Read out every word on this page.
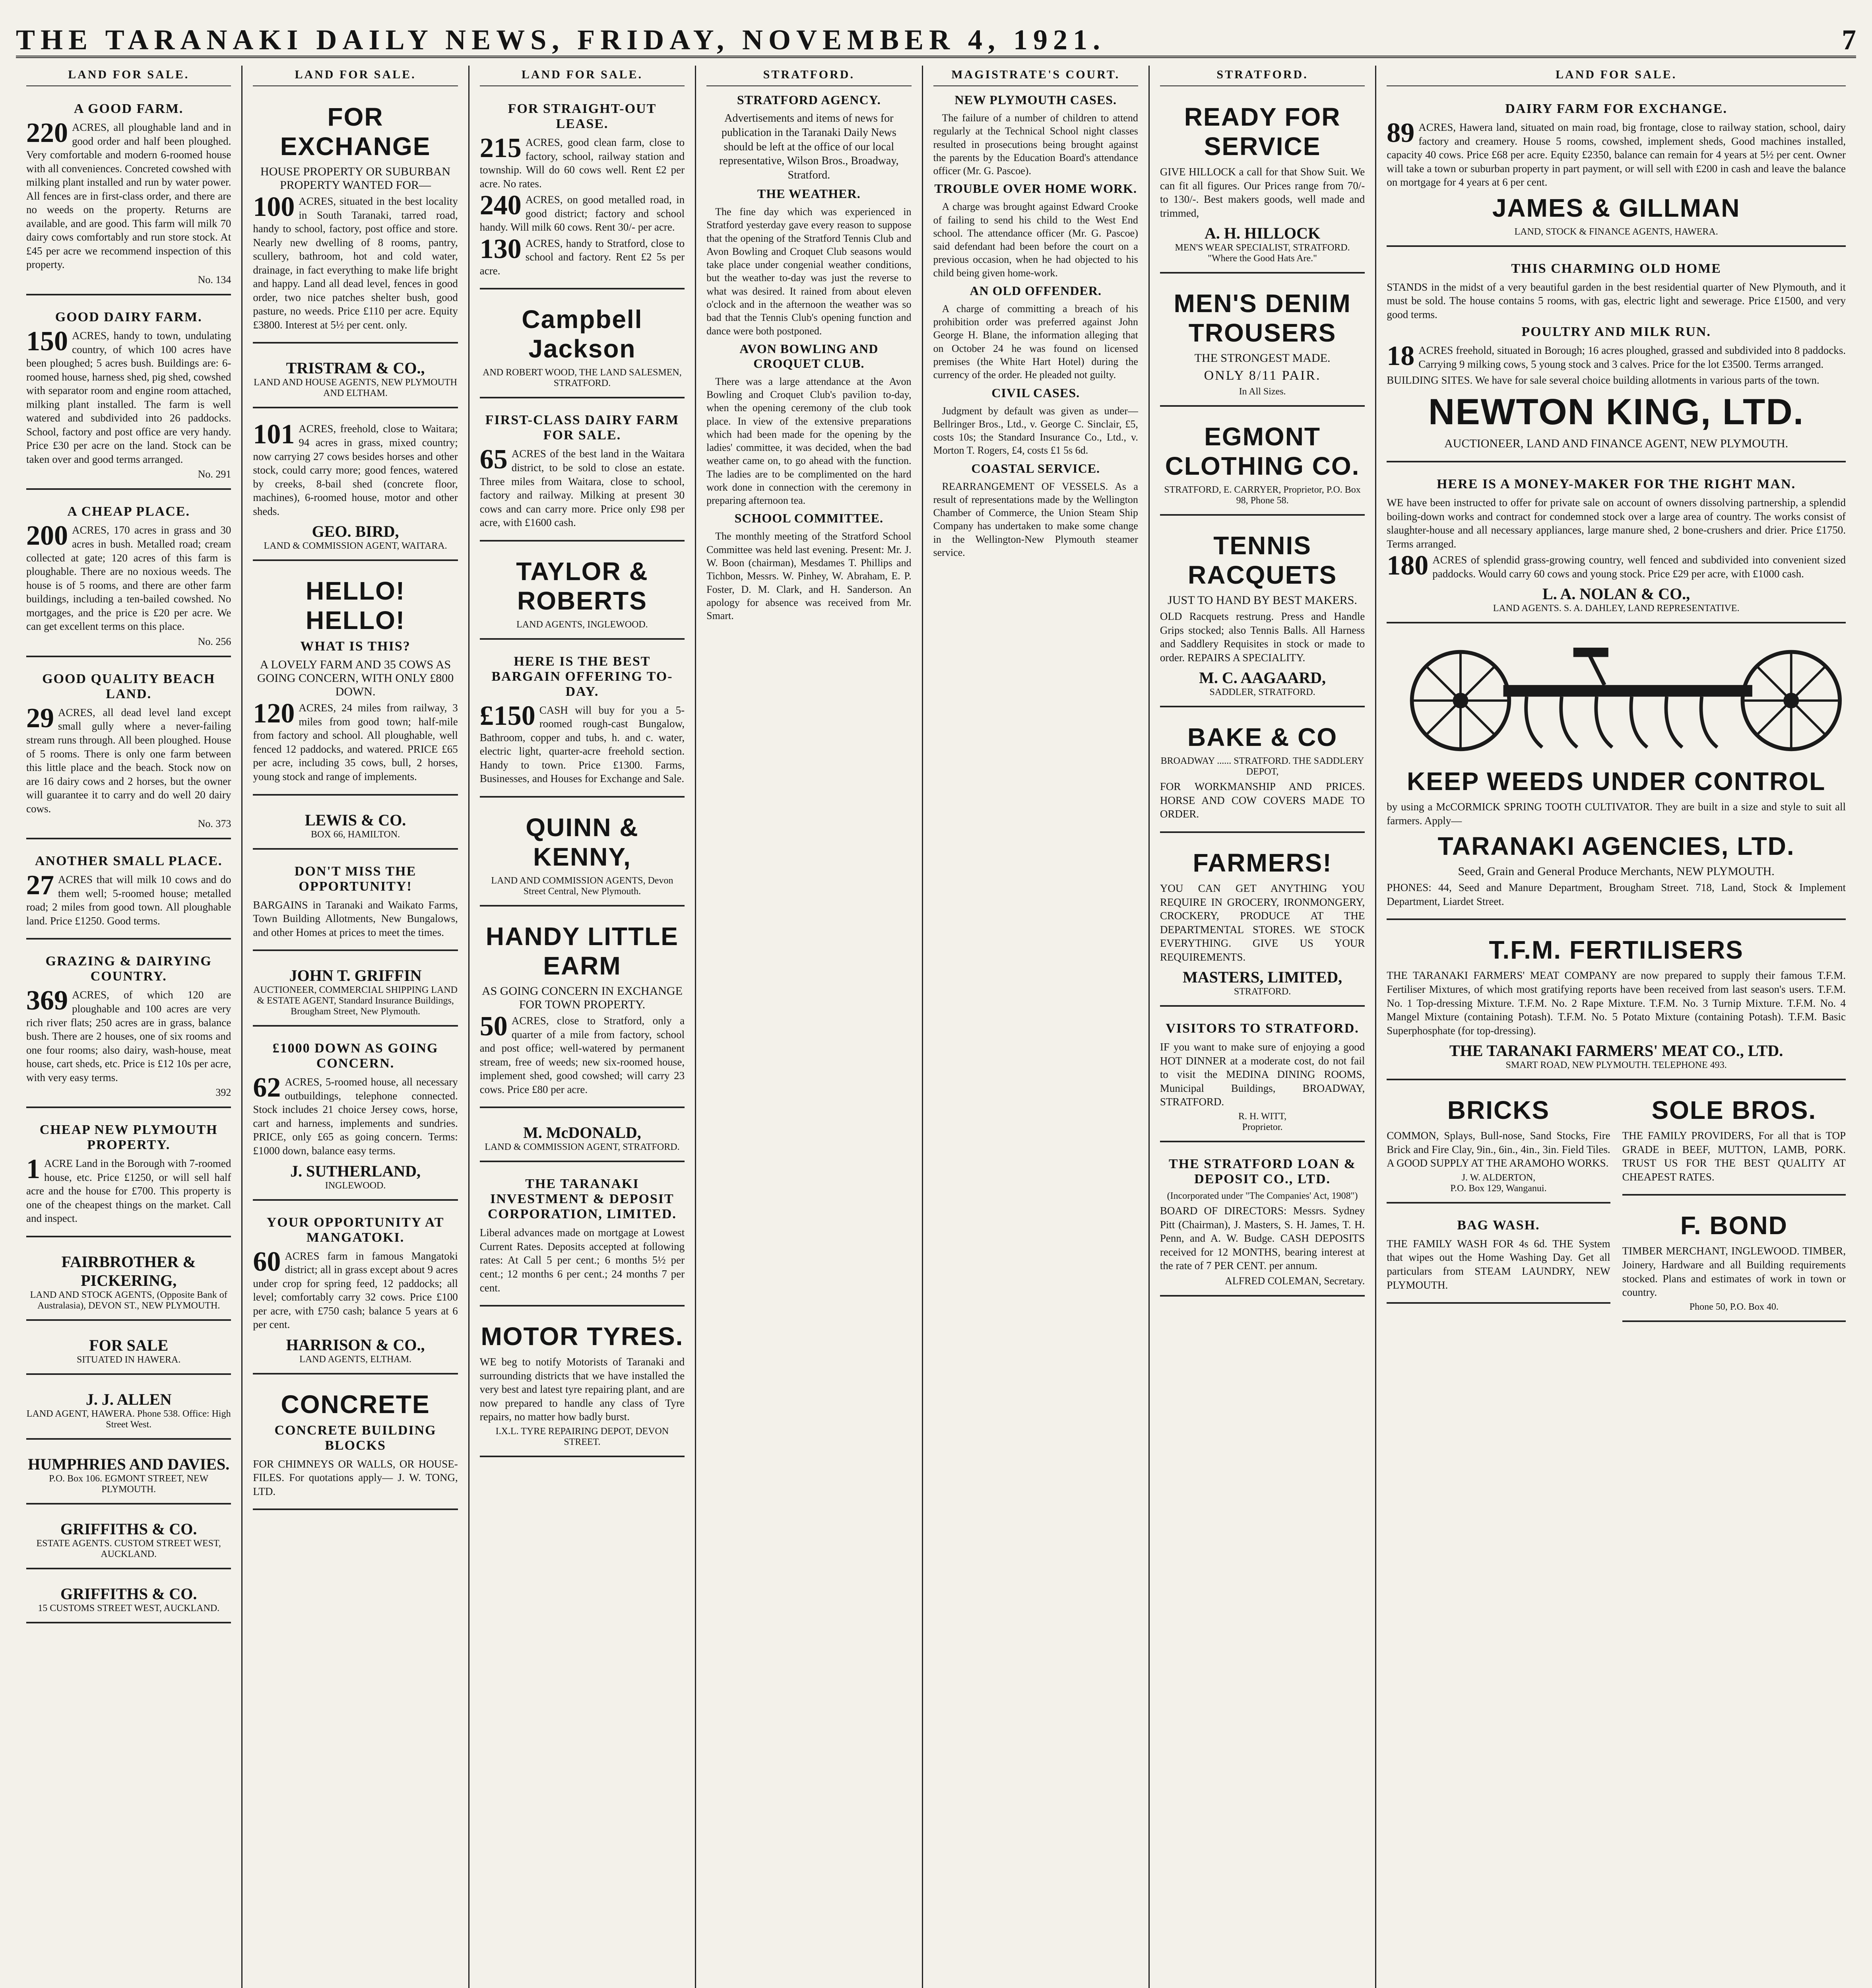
THE TARANAKI DAILY NEWS, FRIDAY, NOVEMBER 4, 1921.	7
LAND FOR SALE.
A GOOD FARM.

220 ACRES, all ploughable land and in good order and half been ploughed. Very comfortable and modern 6-roomed house with all conveniences. Concreted cowshed with milking plant installed and run by water power. All fences are in first-class order, and there are no weeds on the property. Returns are available, and are good. This farm will milk 70 dairy cows comfortably and run store stock. At £45 per acre we recommend inspection of this property.

No. 134
GOOD DAIRY FARM.

150 ACRES, handy to town, undulating country, of which 100 acres have been ploughed; 5 acres bush. Buildings are: 6-roomed house, harness shed, pig shed, cowshed with separator room and engine room attached, milking plant installed. The farm is well watered and subdivided into 26 paddocks. School, factory and post office are very handy. Price £30 per acre on the land. Stock can be taken over and good terms arranged.

No. 291
A CHEAP PLACE.

200 ACRES, 170 acres in grass and 30 acres in bush. Metalled road; cream collected at gate; 120 acres of this farm is ploughable. There are no noxious weeds. The house is of 5 rooms, and there are other farm buildings, including a ten-bailed cowshed. No mortgages, and the price is £20 per acre. We can get excellent terms on this place.

No. 256
GOOD QUALITY BEACH LAND.

29 ACRES, all dead level land except small gully where a never-failing stream runs through. All been ploughed. House of 5 rooms. There is only one farm between this little place and the beach. Stock now on are 16 dairy cows and 2 horses, but the owner will guarantee it to carry and do well 20 dairy cows.

No. 373
ANOTHER SMALL PLACE.

27 ACRES that will milk 10 cows and do them well; 5-roomed house; metalled road; 2 miles from good town. All ploughable land. Price £1250. Good terms.

GRAZING & DAIRYING COUNTRY.

369 ACRES, of which 120 are ploughable and 100 acres are very rich river flats; 250 acres are in grass, balance bush. There are 2 houses, one of six rooms and one four rooms; also dairy, wash-house, meat house, cart sheds, etc. Price is £12 10s per acre, with very easy terms.

392
CHEAP NEW PLYMOUTH PROPERTY.

1 ACRE Land in the Borough with 7-roomed house, etc. Price £1250, or will sell half acre and the house for £700. This property is one of the cheapest things on the market. Call and inspect.

FAIRBROTHER & PICKERING,
LAND AND STOCK AGENTS, (Opposite Bank of Australasia), DEVON ST., NEW PLYMOUTH.
FOR SALE
SITUATED IN HAWERA.
J. J. ALLEN
LAND AGENT, HAWERA. Phone 538. Office: High Street West.
HUMPHRIES AND DAVIES.
P.O. Box 106. EGMONT STREET, NEW PLYMOUTH.
GRIFFITHS & CO.
ESTATE AGENTS. CUSTOM STREET WEST, AUCKLAND.
GRIFFITHS & CO.
15 CUSTOMS STREET WEST, AUCKLAND.
LAND FOR SALE.
FOR EXCHANGE
HOUSE PROPERTY OR SUBURBAN PROPERTY WANTED FOR—

100 ACRES, situated in the best locality in South Taranaki, tarred road, handy to school, factory, post office and store. Nearly new dwelling of 8 rooms, pantry, scullery, bathroom, hot and cold water, drainage, in fact everything to make life bright and happy. Land all dead level, fences in good order, two nice patches shelter bush, good pasture, no weeds. Price £110 per acre. Equity £3800. Interest at 5½ per cent. only.

TRISTRAM & CO.,
LAND AND HOUSE AGENTS, NEW PLYMOUTH AND ELTHAM.

101 ACRES, freehold, close to Waitara; 94 acres in grass, mixed country; now carrying 27 cows besides horses and other stock, could carry more; good fences, watered by creeks, 8-bail shed (concrete floor, machines), 6-roomed house, motor and other sheds.

GEO. BIRD,
LAND & COMMISSION AGENT, WAITARA.
HELLO! HELLO!
WHAT IS THIS?
A LOVELY FARM AND 35 COWS AS GOING CONCERN, WITH ONLY £800 DOWN.

120 ACRES, 24 miles from railway, 3 miles from good town; half-mile from factory and school. All ploughable, well fenced 12 paddocks, and watered. PRICE £65 per acre, including 35 cows, bull, 2 horses, young stock and range of implements.

LEWIS & CO.
BOX 66, HAMILTON.
DON'T MISS THE OPPORTUNITY!

BARGAINS in Taranaki and Waikato Farms, Town Building Allotments, New Bungalows, and other Homes at prices to meet the times.

JOHN T. GRIFFIN
AUCTIONEER, COMMERCIAL SHIPPING LAND & ESTATE AGENT, Standard Insurance Buildings, Brougham Street, New Plymouth.
£1000 DOWN AS GOING CONCERN.

62 ACRES, 5-roomed house, all necessary outbuildings, telephone connected. Stock includes 21 choice Jersey cows, horse, cart and harness, implements and sundries. PRICE, only £65 as going concern. Terms: £1000 down, balance easy terms.

J. SUTHERLAND,
INGLEWOOD.
YOUR OPPORTUNITY AT MANGATOKI.

60 ACRES farm in famous Mangatoki district; all in grass except about 9 acres under crop for spring feed, 12 paddocks; all level; comfortably carry 32 cows. Price £100 per acre, with £750 cash; balance 5 years at 6 per cent.

HARRISON & CO.,
LAND AGENTS, ELTHAM.
CONCRETE
CONCRETE BUILDING BLOCKS

FOR CHIMNEYS OR WALLS, OR HOUSE-FILES. For quotations apply— J. W. TONG, LTD.

LAND FOR SALE.
FOR STRAIGHT-OUT LEASE.

215 ACRES, good clean farm, close to factory, school, railway station and township. Will do 60 cows well. Rent £2 per acre. No rates.

240 ACRES, on good metalled road, in good district; factory and school handy. Will milk 60 cows. Rent 30/- per acre.

130 ACRES, handy to Stratford, close to school and factory. Rent £2 5s per acre.

Campbell Jackson
AND ROBERT WOOD, THE LAND SALESMEN, STRATFORD.
FIRST-CLASS DAIRY FARM FOR SALE.

65 ACRES of the best land in the Waitara district, to be sold to close an estate. Three miles from Waitara, close to school, factory and railway. Milking at present 30 cows and can carry more. Price only £98 per acre, with £1600 cash.

TAYLOR & ROBERTS
LAND AGENTS, INGLEWOOD.
HERE IS THE BEST BARGAIN OFFERING TO-DAY.

£150 CASH will buy for you a 5-roomed rough-cast Bungalow, Bathroom, copper and tubs, h. and c. water, electric light, quarter-acre freehold section. Handy to town. Price £1300. Farms, Businesses, and Houses for Exchange and Sale.

QUINN & KENNY,
LAND AND COMMISSION AGENTS, Devon Street Central, New Plymouth.
HANDY LITTLE EARM
AS GOING CONCERN IN EXCHANGE FOR TOWN PROPERTY.

50 ACRES, close to Stratford, only a quarter of a mile from factory, school and post office; well-watered by permanent stream, free of weeds; new six-roomed house, implement shed, good cowshed; will carry 23 cows. Price £80 per acre.

M. McDONALD,
LAND & COMMISSION AGENT, STRATFORD.
THE TARANAKI INVESTMENT & DEPOSIT CORPORATION, LIMITED.

Liberal advances made on mortgage at Lowest Current Rates. Deposits accepted at following rates: At Call 5 per cent.; 6 months 5½ per cent.; 12 months 6 per cent.; 24 months 7 per cent.

MOTOR TYRES.

WE beg to notify Motorists of Taranaki and surrounding districts that we have installed the very best and latest tyre repairing plant, and are now prepared to handle any class of Tyre repairs, no matter how badly burst.

I.X.L. TYRE REPAIRING DEPOT, DEVON STREET.
STRATFORD.
STRATFORD AGENCY.

Advertisements and items of news for publication in the Taranaki Daily News should be left at the office of our local representative, Wilson Bros., Broadway, Stratford.

THE WEATHER.

The fine day which was experienced in Stratford yesterday gave every reason to suppose that the opening of the Stratford Tennis Club and Avon Bowling and Croquet Club seasons would take place under congenial weather conditions, but the weather to-day was just the reverse to what was desired. It rained from about eleven o'clock and in the afternoon the weather was so bad that the Tennis Club's opening function and dance were both postponed.

AVON BOWLING AND CROQUET CLUB.

There was a large attendance at the Avon Bowling and Croquet Club's pavilion to-day, when the opening ceremony of the club took place. In view of the extensive preparations which had been made for the opening by the ladies' committee, it was decided, when the bad weather came on, to go ahead with the function. The ladies are to be complimented on the hard work done in connection with the ceremony in preparing afternoon tea.

SCHOOL COMMITTEE.

The monthly meeting of the Stratford School Committee was held last evening. Present: Mr. J. W. Boon (chairman), Mesdames T. Phillips and Tichbon, Messrs. W. Pinhey, W. Abraham, E. P. Foster, D. M. Clark, and H. Sanderson. An apology for absence was received from Mr. Smart.

MAGISTRATE'S COURT.
NEW PLYMOUTH CASES.

The failure of a number of children to attend regularly at the Technical School night classes resulted in prosecutions being brought against the parents by the Education Board's attendance officer (Mr. G. Pascoe).

TROUBLE OVER HOME WORK.

A charge was brought against Edward Crooke of failing to send his child to the West End school. The attendance officer (Mr. G. Pascoe) said defendant had been before the court on a previous occasion, when he had objected to his child being given home-work.

AN OLD OFFENDER.

A charge of committing a breach of his prohibition order was preferred against John George H. Blane, the information alleging that on October 24 he was found on licensed premises (the White Hart Hotel) during the currency of the order. He pleaded not guilty.

CIVIL CASES.

Judgment by default was given as under— Bellringer Bros., Ltd., v. George C. Sinclair, £5, costs 10s; the Standard Insurance Co., Ltd., v. Morton T. Rogers, £4, costs £1 5s 6d.

COASTAL SERVICE.

REARRANGEMENT OF VESSELS. As a result of representations made by the Wellington Chamber of Commerce, the Union Steam Ship Company has undertaken to make some change in the Wellington-New Plymouth steamer service.

STRATFORD.
READY FOR SERVICE

GIVE HILLOCK a call for that Show Suit. We can fit all figures. Our Prices range from 70/- to 130/-. Best makers goods, well made and trimmed,

A. H. HILLOCK
MEN'S WEAR SPECIALIST, STRATFORD. "Where the Good Hats Are."
MEN'S DENIM TROUSERS
THE STRONGEST MADE.
ONLY 8/11 PAIR.
In All Sizes.
EGMONT CLOTHING CO.
STRATFORD, E. CARRYER, Proprietor, P.O. Box 98, Phone 58.
TENNIS RACQUETS
JUST TO HAND BY BEST MAKERS.

OLD Racquets restrung. Press and Handle Grips stocked; also Tennis Balls. All Harness and Saddlery Requisites in stock or made to order. REPAIRS A SPECIALITY.

M. C. AAGAARD,
SADDLER, STRATFORD.
BAKE & CO
BROADWAY ...... STRATFORD. THE SADDLERY DEPOT,

FOR WORKMANSHIP AND PRICES. HORSE AND COW COVERS MADE TO ORDER.

FARMERS!

YOU CAN GET ANYTHING YOU REQUIRE IN GROCERY, IRONMONGERY, CROCKERY, PRODUCE AT THE DEPARTMENTAL STORES. WE STOCK EVERYTHING. GIVE US YOUR REQUIREMENTS.

MASTERS, LIMITED,
STRATFORD.
VISITORS TO STRATFORD.

IF you want to make sure of enjoying a good HOT DINNER at a moderate cost, do not fail to visit the MEDINA DINING ROOMS, Municipal Buildings, BROADWAY, STRATFORD.

R. H. WITT,
Proprietor.
THE STRATFORD LOAN & DEPOSIT CO., LTD.
(Incorporated under "The Companies' Act, 1908")

BOARD OF DIRECTORS: Messrs. Sydney Pitt (Chairman), J. Masters, S. H. James, T. H. Penn, and A. W. Budge. CASH DEPOSITS received for 12 MONTHS, bearing interest at the rate of 7 PER CENT. per annum.

ALFRED COLEMAN, Secretary.
LAND FOR SALE.
DAIRY FARM FOR EXCHANGE.

89 ACRES, Hawera land, situated on main road, big frontage, close to railway station, school, dairy factory and creamery. House 5 rooms, cowshed, implement sheds, Good machines installed, capacity 40 cows. Price £68 per acre. Equity £2350, balance can remain for 4 years at 5½ per cent. Owner will take a town or suburban property in part payment, or will sell with £200 in cash and leave the balance on mortgage for 4 years at 6 per cent.

JAMES & GILLMAN
LAND, STOCK & FINANCE AGENTS, HAWERA.
THIS CHARMING OLD HOME

STANDS in the midst of a very beautiful garden in the best residential quarter of New Plymouth, and it must be sold. The house contains 5 rooms, with gas, electric light and sewerage. Price £1500, and very good terms.

POULTRY AND MILK RUN.

18 ACRES freehold, situated in Borough; 16 acres ploughed, grassed and subdivided into 8 paddocks. Carrying 9 milking cows, 5 young stock and 3 calves. Price for the lot £3500. Terms arranged.

BUILDING SITES. We have for sale several choice building allotments in various parts of the town.

NEWTON KING, LTD.
AUCTIONEER, LAND AND FINANCE AGENT, NEW PLYMOUTH.
HERE IS A MONEY-MAKER FOR THE RIGHT MAN.

WE have been instructed to offer for private sale on account of owners dissolving partnership, a splendid boiling-down works and contract for condemned stock over a large area of country. The works consist of slaughter-house and all necessary appliances, large manure shed, 2 bone-crushers and drier. Price £1750. Terms arranged.

180 ACRES of splendid grass-growing country, well fenced and subdivided into convenient sized paddocks. Would carry 60 cows and young stock. Price £29 per acre, with £1000 cash.

L. A. NOLAN & CO.,
LAND AGENTS. S. A. DAHLEY, LAND REPRESENTATIVE.
KEEP WEEDS UNDER CONTROL

by using a McCORMICK SPRING TOOTH CULTIVATOR. They are built in a size and style to suit all farmers. Apply—

TARANAKI AGENCIES, LTD.
Seed, Grain and General Produce Merchants, NEW PLYMOUTH.

PHONES: 44, Seed and Manure Department, Brougham Street. 718, Land, Stock & Implement Department, Liardet Street.

T.F.M. FERTILISERS

THE TARANAKI FARMERS' MEAT COMPANY are now prepared to supply their famous T.F.M. Fertiliser Mixtures, of which most gratifying reports have been received from last season's users. T.F.M. No. 1 Top-dressing Mixture. T.F.M. No. 2 Rape Mixture. T.F.M. No. 3 Turnip Mixture. T.F.M. No. 4 Mangel Mixture (containing Potash). T.F.M. No. 5 Potato Mixture (containing Potash). T.F.M. Basic Superphosphate (for top-dressing).

THE TARANAKI FARMERS' MEAT CO., LTD.
SMART ROAD, NEW PLYMOUTH. TELEPHONE 493.
BRICKS

COMMON, Splays, Bull-nose, Sand Stocks, Fire Brick and Fire Clay, 9in., 6in., 4in., 3in. Field Tiles. A GOOD SUPPLY AT THE ARAMOHO WORKS.

J. W. ALDERTON,
P.O. Box 129, Wanganui.
BAG WASH.

THE FAMILY WASH FOR 4s 6d. THE System that wipes out the Home Washing Day. Get all particulars from STEAM LAUNDRY, NEW PLYMOUTH.

SOLE BROS.

THE FAMILY PROVIDERS, For all that is TOP GRADE in BEEF, MUTTON, LAMB, PORK. TRUST US FOR THE BEST QUALITY AT CHEAPEST RATES.

F. BOND

TIMBER MERCHANT, INGLEWOOD. TIMBER, Joinery, Hardware and all Building requirements stocked. Plans and estimates of work in town or country.

Phone 50, P.O. Box 40.
